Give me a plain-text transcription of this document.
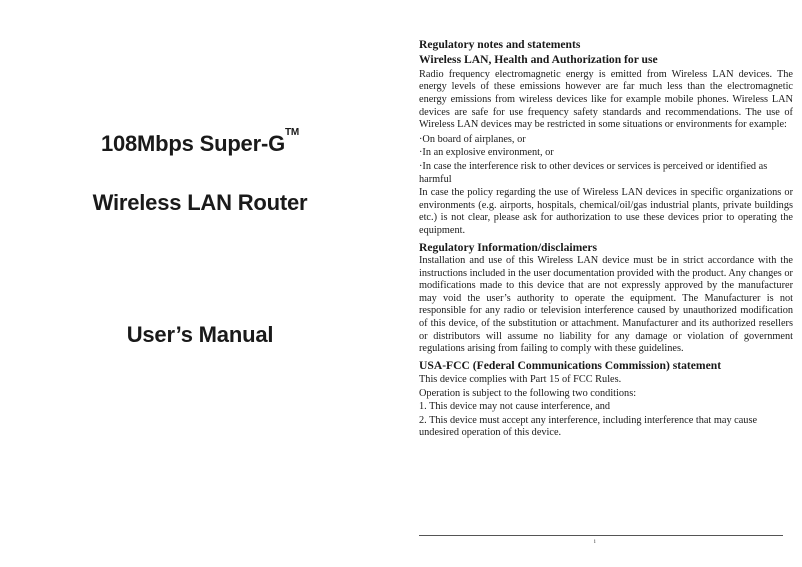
108Mbps Super-G™
Wireless LAN Router
User’s Manual

Regulatory notes and statements

Wireless LAN, Health and Authorization for use

Radio frequency electromagnetic energy is emitted from Wireless LAN devices. The energy levels of these emissions however are far much less than the electromagnetic energy emissions from wireless devices like for example mobile phones. Wireless LAN devices are safe for use frequency safety standards and recommendations. The use of Wireless LAN devices may be restricted in some situations or environments for example:

·On board of airplanes, or

·In an explosive environment, or

·In case the interference risk to other devices or services is perceived or identified as harmful

In case the policy regarding the use of Wireless LAN devices in specific organizations or environments (e.g. airports, hospitals, chemical/oil/gas industrial plants, private buildings etc.) is not clear, please ask for authorization to use these devices prior to operating the equipment.

Regulatory Information/disclaimers

Installation and use of this Wireless LAN device must be in strict accordance with the instructions included in the user documentation provided with the product. Any changes or modifications made to this device that are not expressly approved by the manufacturer may void the user’s authority to operate the equipment. The Manufacturer is not responsible for any radio or television interference caused by unauthorized modification of this device, of the substitution or attachment. Manufacturer and its authorized resellers or distributors will assume no liability for any damage or violation of government regulations arising from failing to comply with these guidelines.

USA-FCC (Federal Communications Commission) statement

This device complies with Part 15 of FCC Rules.

Operation is subject to the following two conditions:

1. This device may not cause interference, and

2. This device must accept any interference, including interference that may cause undesired operation of this device.

i
